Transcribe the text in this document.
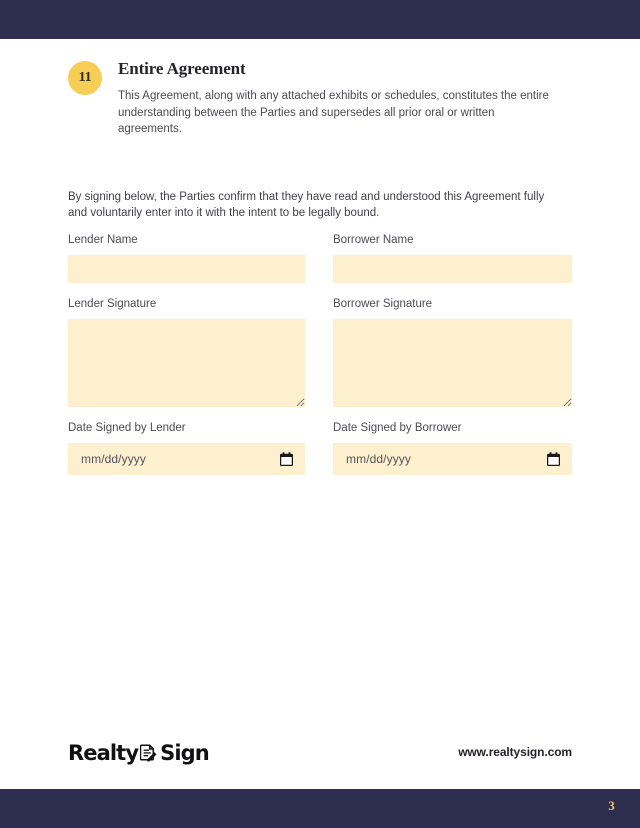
11 Entire Agreement

This Agreement, along with any attached exhibits or schedules, constitutes the entire understanding between the Parties and supersedes all prior oral or written agreements.

By signing below, the Parties confirm that they have read and understood this Agreement fully and voluntarily enter into it with the intent to be legally bound.

Lender Name	Borrower Name
Lender Signature	Borrower Signature
Date Signed by Lender
mm/dd/yyyy
Date Signed by Borrower
mm/dd/yyyy
Realty Sign	www.realtysign.com
3
